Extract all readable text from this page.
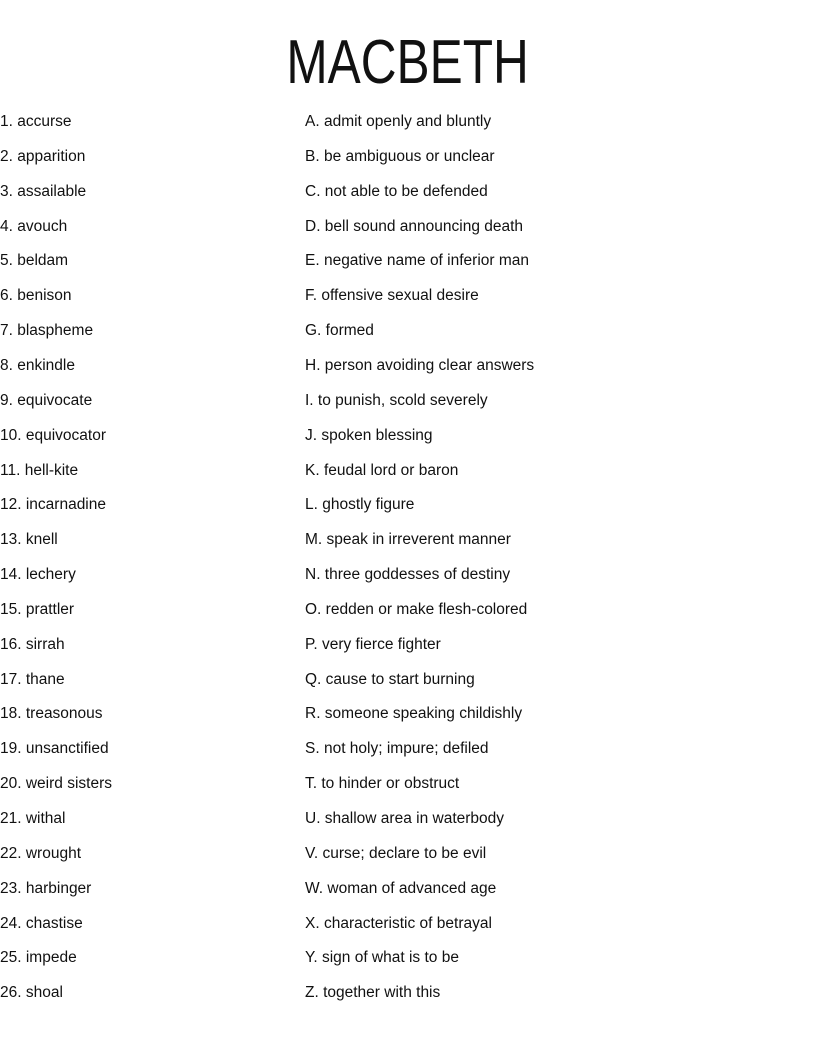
MACBETH
1. accurse	A. admit openly and bluntly
2. apparition	B. be ambiguous or unclear
3. assailable	C. not able to be defended
4. avouch	D. bell sound announcing death
5. beldam	E. negative name of inferior man
6. benison	F. offensive sexual desire
7. blaspheme	G. formed
8. enkindle	H. person avoiding clear answers
9. equivocate	I. to punish, scold severely
10. equivocator	J. spoken blessing
11. hell-kite	K. feudal lord or baron
12. incarnadine	L. ghostly figure
13. knell	M. speak in irreverent manner
14. lechery	N. three goddesses of destiny
15. prattler	O. redden or make flesh-colored
16. sirrah	P. very fierce fighter
17. thane	Q. cause to start burning
18. treasonous	R. someone speaking childishly
19. unsanctified	S. not holy; impure; defiled
20. weird sisters	T. to hinder or obstruct
21. withal	U. shallow area in waterbody
22. wrought	V. curse; declare to be evil
23. harbinger	W. woman of advanced age
24. chastise	X. characteristic of betrayal
25. impede	Y. sign of what is to be
26. shoal	Z. together with this
